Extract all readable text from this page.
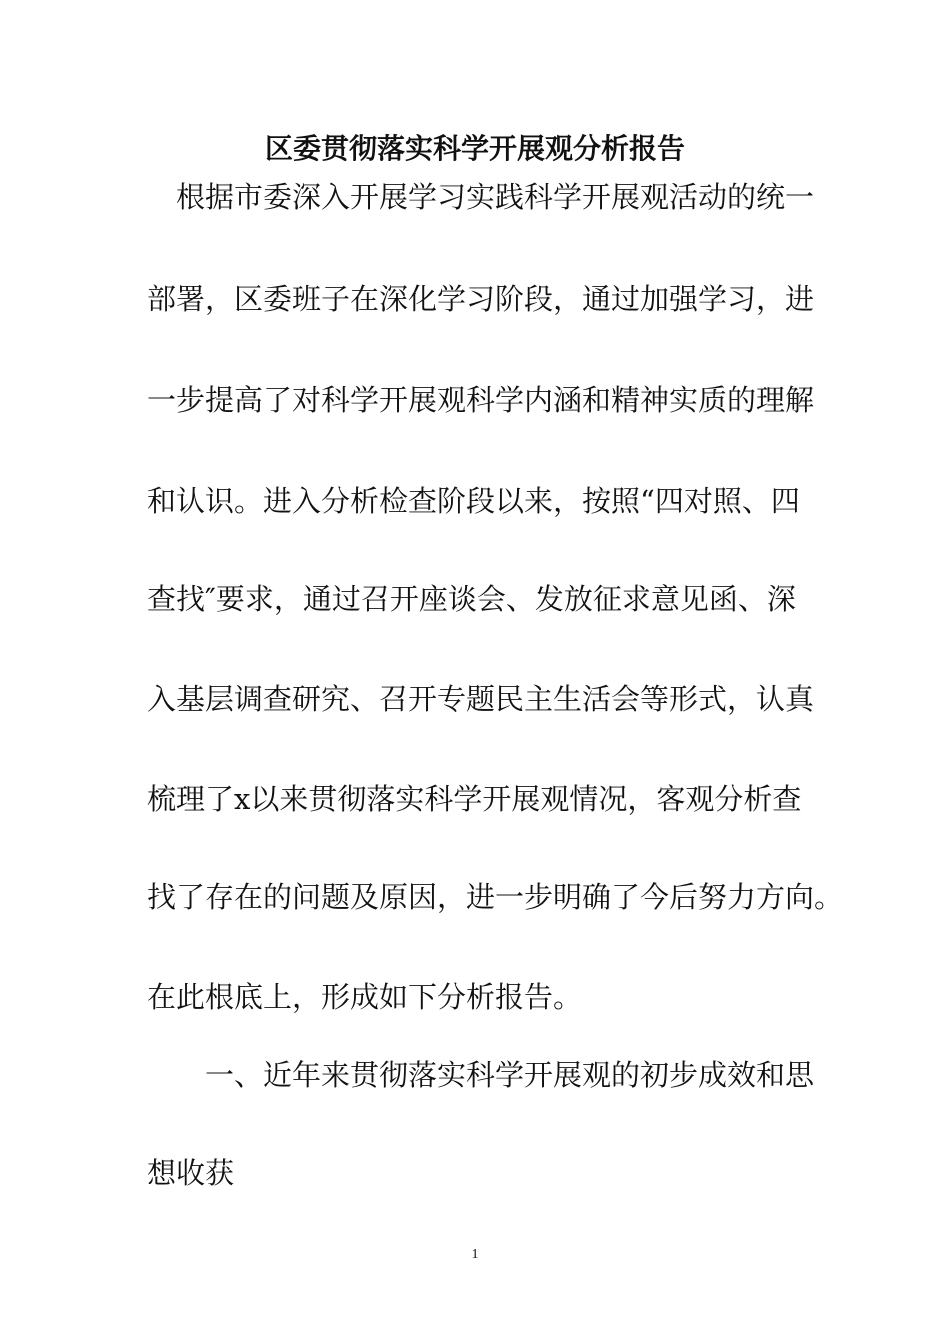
区委贯彻落实科学开展观分析报告

根据市委深入开展学习实践科学开展观活动的统一

部署，区委班子在深化学习阶段，通过加强学习，进

一步提高了对科学开展观科学内涵和精神实质的理解

和认识。进入分析检查阶段以来，按照“四对照、四

查找″要求，通过召开座谈会、发放征求意见函、深

入基层调查研究、召开专题民主生活会等形式，认真

梳理了x以来贯彻落实科学开展观情况，客观分析查

找了存在的问题及原因，进一步明确了今后努力方向。

在此根底上，形成如下分析报告。

一、近年来贯彻落实科学开展观的初步成效和思

想收获

1
